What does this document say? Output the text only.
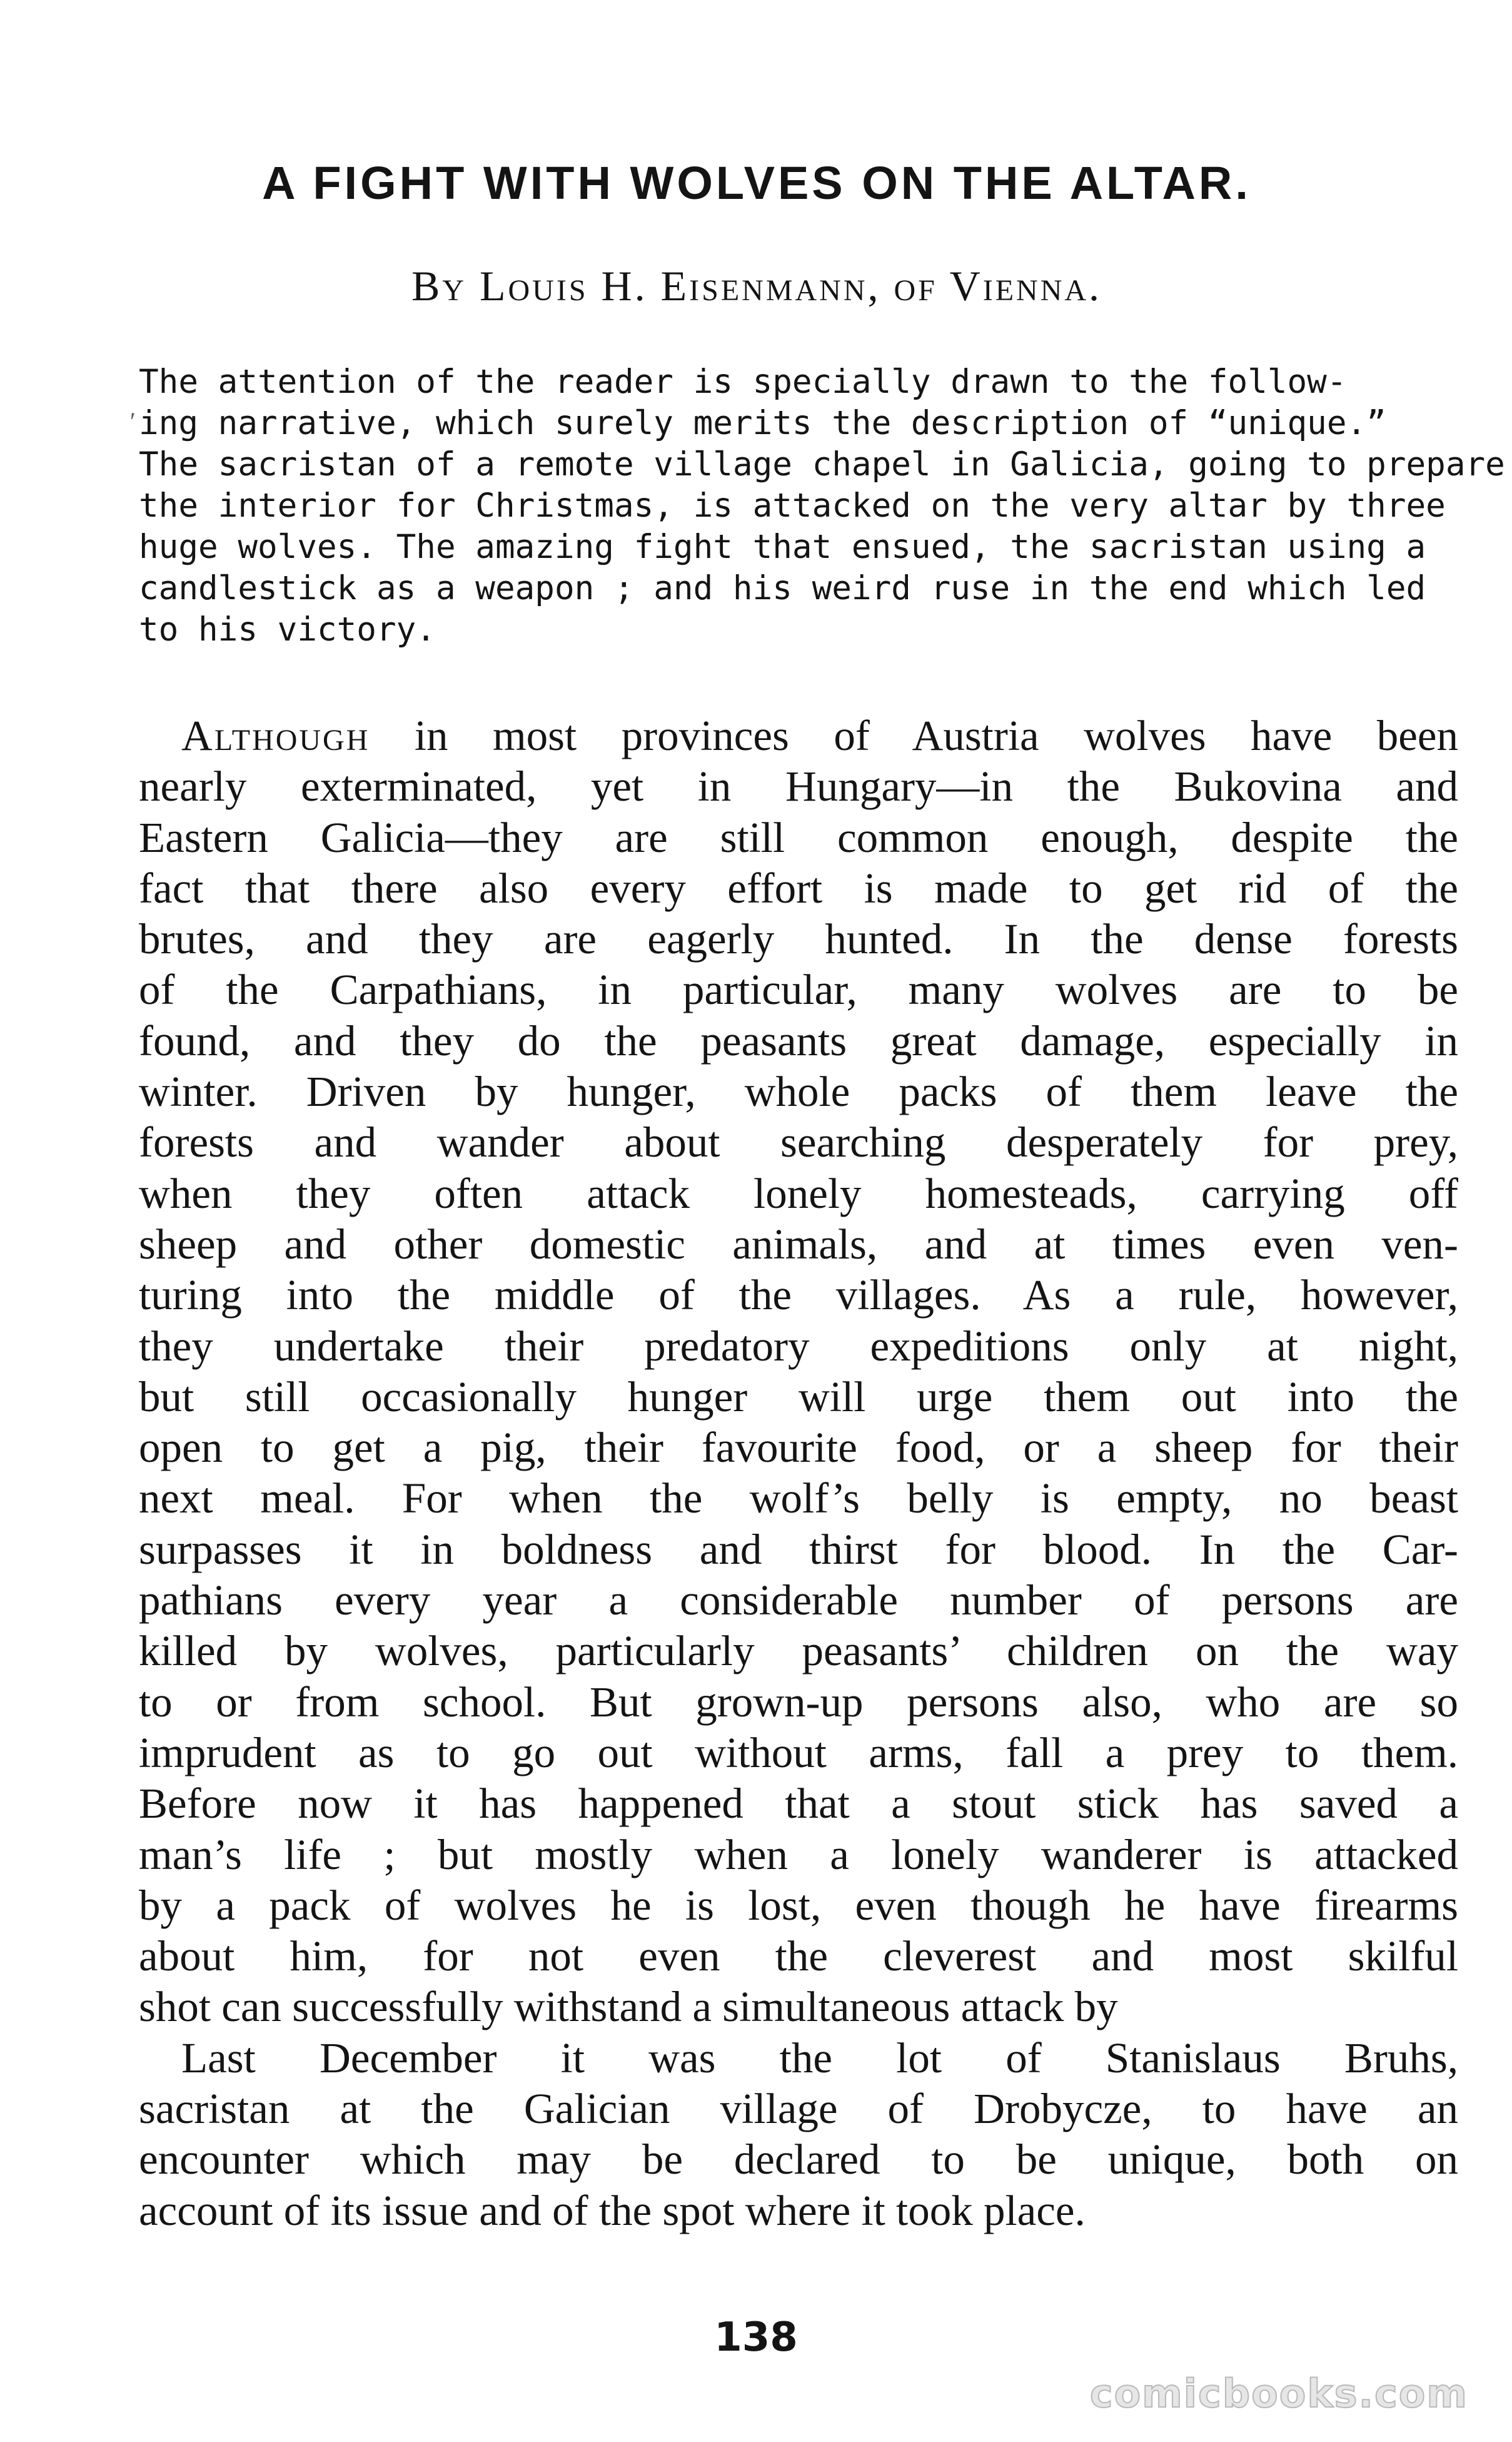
A FIGHT WITH WOLVES ON THE ALTAR.
By Louis H. Eisenmann, of Vienna.
′
The attention of the reader is specially drawn to the follow-
ing narrative, which surely merits the description of “unique.”
The sacristan of a remote village chapel in Galicia, going to prepare
the interior for Christmas, is attacked on the very altar by three
huge wolves. The amazing fight that ensued, the sacristan using a
candlestick as a weapon ; and his weird ruse in the end which led
to his victory.
Although in most provinces of Austria wolves have been
nearly exterminated, yet in Hungary—in the Bukovina and
Eastern Galicia—they are still common enough, despite the
fact that there also every effort is made to get rid of the
brutes, and they are eagerly hunted. In the dense forests
of the Carpathians, in particular, many wolves are to be
found, and they do the peasants great damage, especially in
winter. Driven by hunger, whole packs of them leave the
forests and wander about searching desperately for prey,
when they often attack lonely homesteads, carrying off
sheep and other domestic animals, and at times even ven-
turing into the middle of the villages. As a rule, however,
they undertake their predatory expeditions only at night,
but still occasionally hunger will urge them out into the
open to get a pig, their favourite food, or a sheep for their
next meal. For when the wolf’s belly is empty, no beast
surpasses it in boldness and thirst for blood. In the Car-
pathians every year a considerable number of persons are
killed by wolves, particularly peasants’ children on the way
to or from school. But grown-up persons also, who are so
imprudent as to go out without arms, fall a prey to them.
Before now it has happened that a stout stick has saved a
man’s life ; but mostly when a lonely wanderer is attacked
by a pack of wolves he is lost, even though he have firearms
about him, for not even the cleverest and most skilful
shot can successfully withstand a simultaneous attack by
Last December it was the lot of Stanislaus Bruhs,
sacristan at the Galician village of Drobycze, to have an
encounter which may be declared to be unique, both on
account of its issue and of the spot where it took place.
138
comicbooks.com
